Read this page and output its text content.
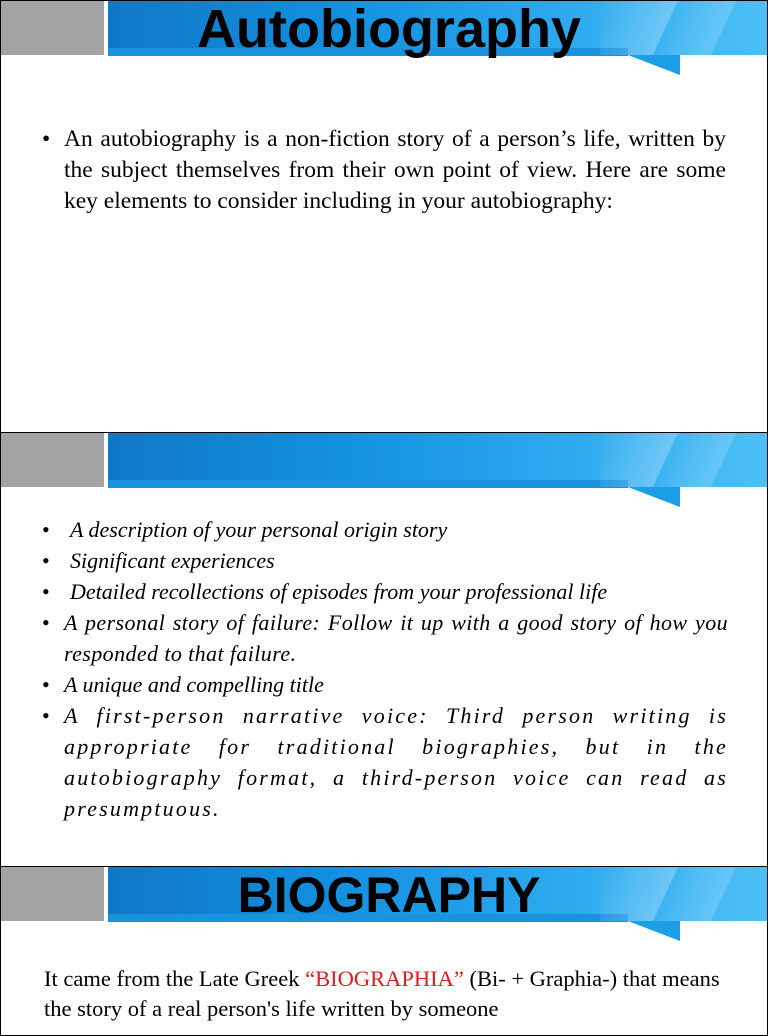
Autobiography
• An autobiography is a non-fiction story of a person’s life, written by the subject themselves from their own point of view. Here are some key elements to consider including in your autobiography:
• A description of your personal origin story
• Significant experiences
• Detailed recollections of episodes from your professional life
• A personal story of failure: Follow it up with a good story of how you responded to that failure.
• A unique and compelling title
• A first-person narrative voice: Third person writing is appropriate for traditional biographies, but in the autobiography format, a third-person voice can read as presumptuous.
BIOGRAPHY

It came from the Late Greek “BIOGRAPHIA” (Bi- + Graphia-) that means the story of a real person's life written by someone
